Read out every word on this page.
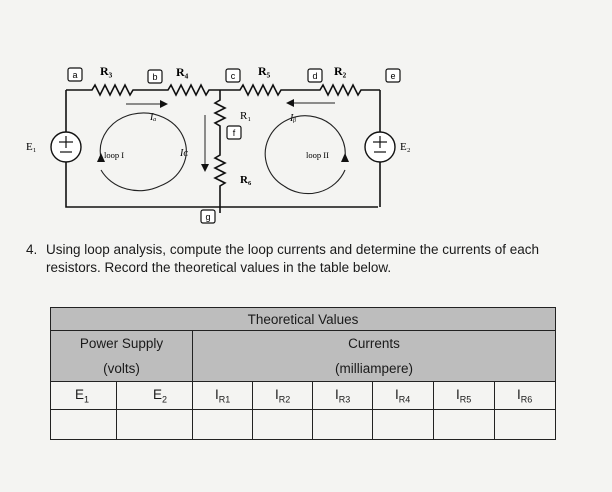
E₁	E₂
R₃	R₄	R₅	R₂
R₁
R₆
a	b	c	d	e
f
g
Iₐ	Iᵦ
Iᴄ
loop I	loop II
4. Using loop analysis, compute the loop currents and determine the currents of each resistors. Record the theoretical values in the table below.
Theoretical Values							
Power Supply		Currents					
(volts)		(milliampere)					
$E_1$	$E_2$	$I_{R1}$	$I_{R2}$	$I_{R3}$	$I_{R4}$	$I_{R5}$	$I_{R6}$
